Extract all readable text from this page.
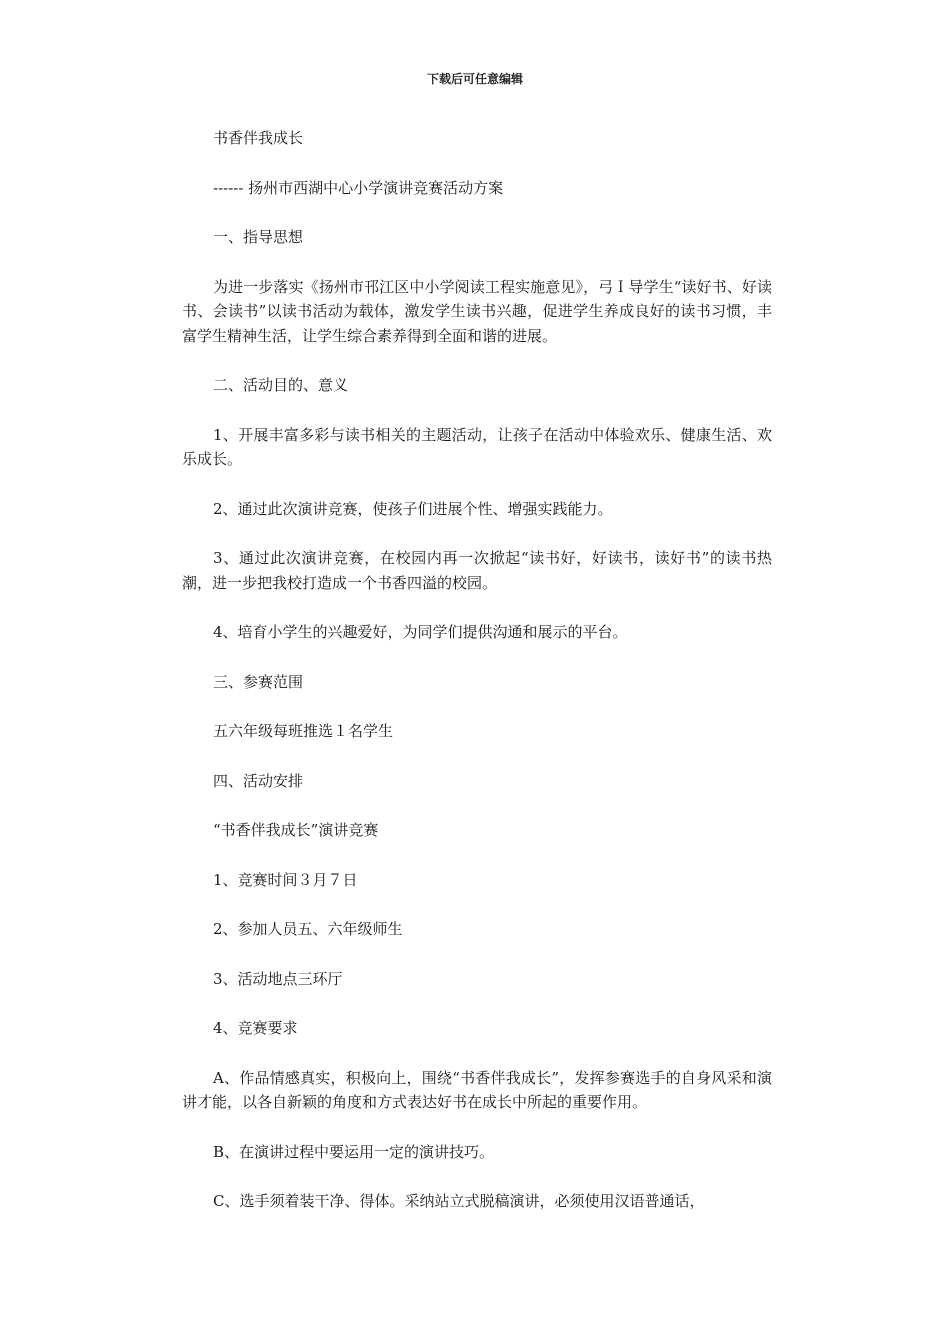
下载后可任意编辑

书香伴我成长

------ 扬州市西湖中心小学演讲竞赛活动方案

一、指导思想

为进一步落实《扬州市邗江区中小学阅读工程实施意见》，弓Ｉ导学生“读好书、好读书、会读书”以读书活动为载体，激发学生读书兴趣，促进学生养成良好的读书习惯，丰富学生精神生活，让学生综合素养得到全面和谐的进展。

二、活动目的、意义

1、开展丰富多彩与读书相关的主题活动，让孩子在活动中体验欢乐、健康生活、欢乐成长。

2、通过此次演讲竞赛，使孩子们进展个性、增强实践能力。

3、通过此次演讲竞赛，在校园内再一次掀起“读书好，好读书，读好书”的读书热潮，进一步把我校打造成一个书香四溢的校园。

4、培育小学生的兴趣爱好，为同学们提供沟通和展示的平台。

三、参赛范围

五六年级每班推选１名学生

四、活动安排

“书香伴我成长”演讲竞赛

1、竞赛时间３月７日

2、参加人员五、六年级师生

3、活动地点三环厅

4、竞赛要求

A、作品情感真实，积极向上，围绕“书香伴我成长”，发挥参赛选手的自身风采和演讲才能，以各自新颖的角度和方式表达好书在成长中所起的重要作用。

B、在演讲过程中要运用一定的演讲技巧。

C、选手须着装干净、得体。采纳站立式脱稿演讲，必须使用汉语普通话，
